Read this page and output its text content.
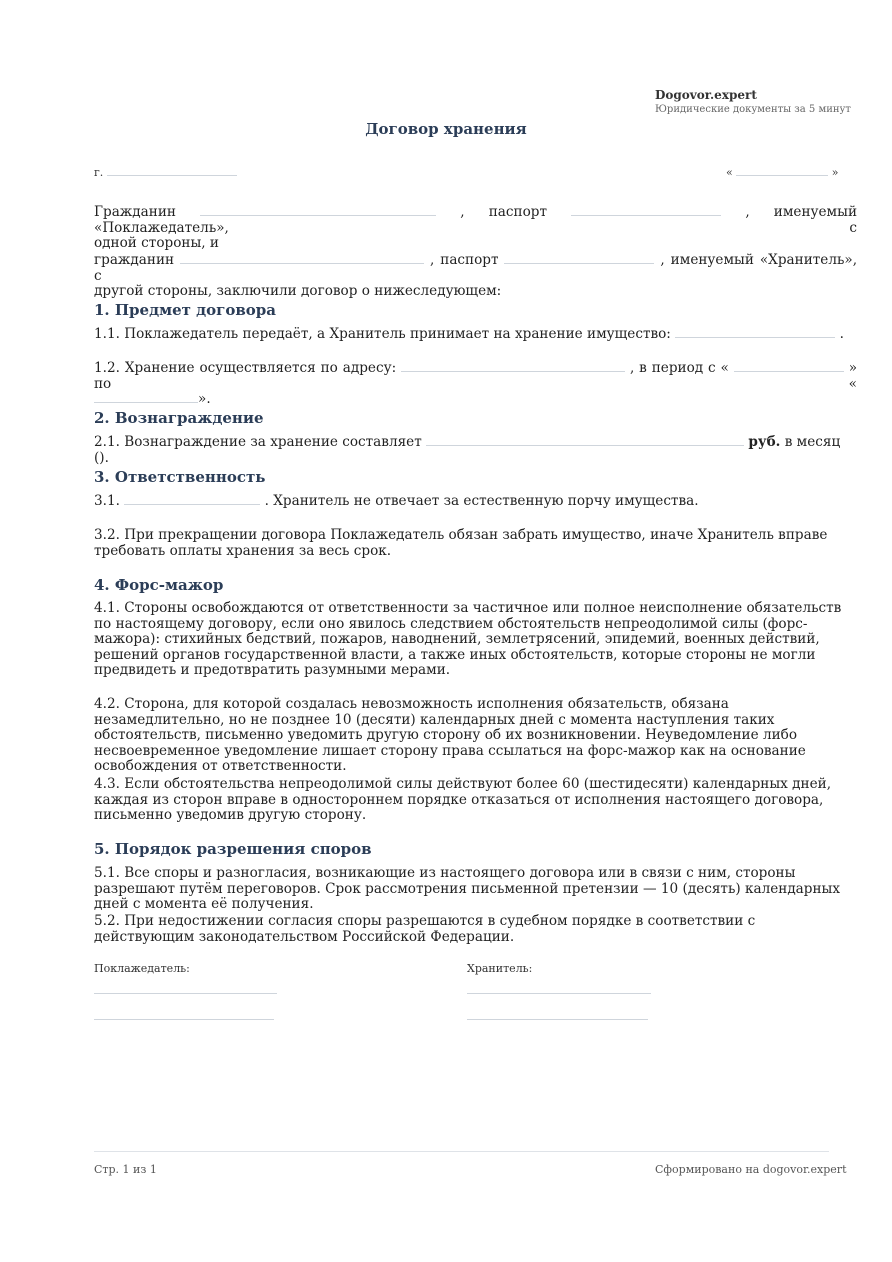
Dogovor.expert
Юридические документы за 5 минут
Договор хранения
г.	«	»
Гражданин	, паспорт	, именуемый «Поклажедатель», с
одной стороны, и
гражданин	, паспорт	, именуемый «Хранитель», с
другой стороны, заключили договор о нижеследующем:
1. Предмет договора
1.1. Поклажедатель передаёт, а Хранитель принимает на хранение имущество:	.
1.2. Хранение осуществляется по адресу:	, в период с «	» по «
».
2. Вознаграждение
2.1. Вознаграждение за хранение составляет	руб. в месяц ().
3. Ответственность
3.1.	. Хранитель не отвечает за естественную порчу имущества.
3.2. При прекращении договора Поклажедатель обязан забрать имущество, иначе Хранитель вправе требовать оплаты хранения за весь срок.
4. Форс-мажор
4.1. Стороны освобождаются от ответственности за частичное или полное неисполнение обязательств по настоящему договору, если оно явилось следствием обстоятельств непреодолимой силы (форс-мажора): стихийных бедствий, пожаров, наводнений, землетрясений, эпидемий, военных действий, решений органов государственной власти, а также иных обстоятельств, которые стороны не могли предвидеть и предотвратить разумными мерами.
4.2. Сторона, для которой создалась невозможность исполнения обязательств, обязана незамедлительно, но не позднее 10 (десяти) календарных дней с момента наступления таких обстоятельств, письменно уведомить другую сторону об их возникновении. Неуведомление либо несвоевременное уведомление лишает сторону права ссылаться на форс-мажор как на основание освобождения от ответственности.
4.3. Если обстоятельства непреодолимой силы действуют более 60 (шестидесяти) календарных дней, каждая из сторон вправе в одностороннем порядке отказаться от исполнения настоящего договора, письменно уведомив другую сторону.
5. Порядок разрешения споров
5.1. Все споры и разногласия, возникающие из настоящего договора или в связи с ним, стороны разрешают путём переговоров. Срок рассмотрения письменной претензии — 10 (десять) календарных дней с момента её получения.
5.2. При недостижении согласия споры разрешаются в судебном порядке в соответствии с действующим законодательством Российской Федерации.
Поклажедатель:	Хранитель:
Стр. 1 из 1	Сформировано на dogovor.expert
